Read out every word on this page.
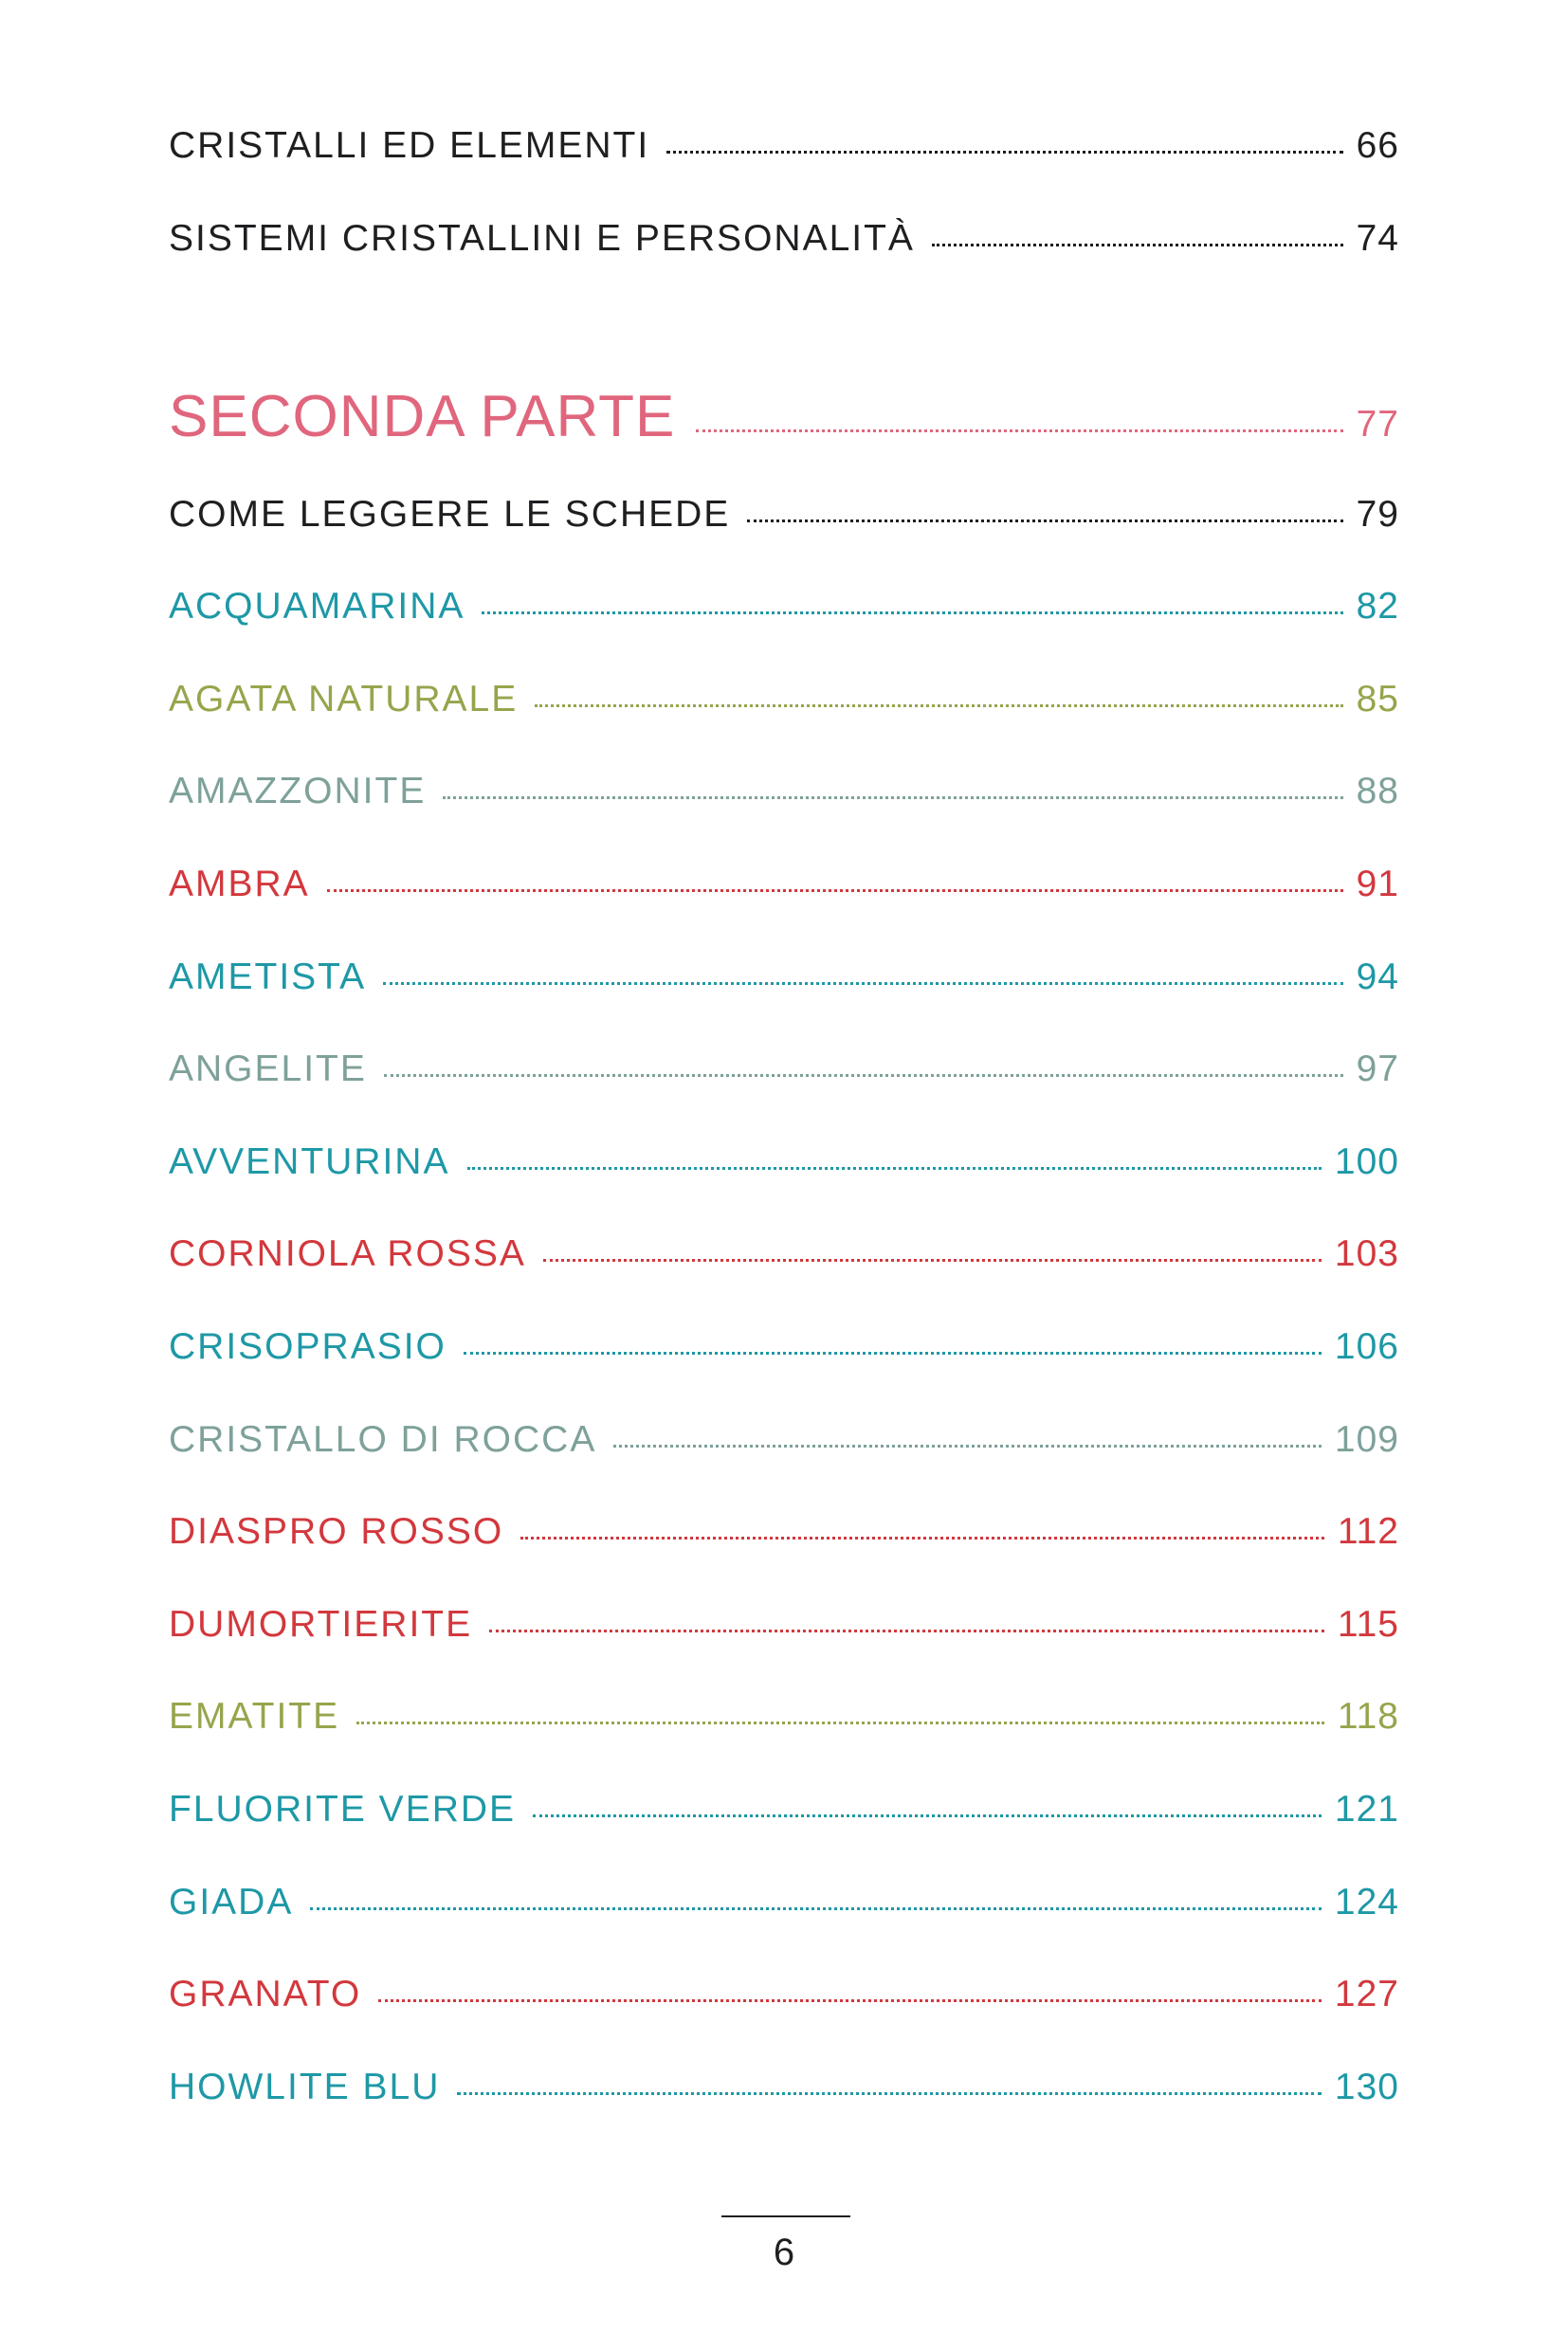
CRISTALLI ED ELEMENTI	66
SISTEMI CRISTALLINI E PERSONALITÀ	74
SECONDA PARTE	77
COME LEGGERE LE SCHEDE	79
ACQUAMARINA	82
AGATA NATURALE	85
AMAZZONITE	88
AMBRA	91
AMETISTA	94
ANGELITE	97
AVVENTURINA	100
CORNIOLA ROSSA	103
CRISOPRASIO	106
CRISTALLO DI ROCCA	109
DIASPRO ROSSO	112
DUMORTIERITE	115
EMATITE	118
FLUORITE VERDE	121
GIADA	124
GRANATO	127
HOWLITE BLU	130
6
